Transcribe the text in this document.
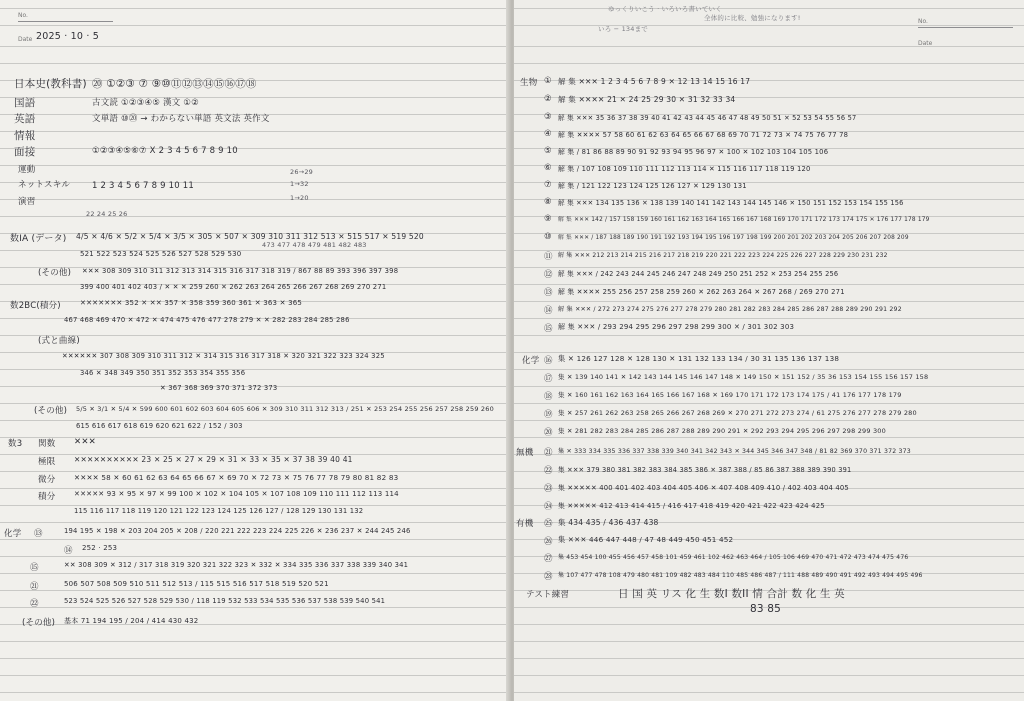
No.
Date 2025 · 10 · 5
日本史(教科書) ⑳ ①②③ ⑦ ⑨⑩⑪⑫⑬⑭⑮⑯⑰⑱
国語	古文読 ①②③④⑤ 漢文 ①②
英語	文単語 ⑩⑳ → わからない単語 英文法 英作文
情報
面接	①②③④⑤⑥⑦ X 2 3 4 5 6 7 8 9 10
運動	26→29
ネットスキル	1 2 3 4 5 6 7 8 9 10 11	1→32
演習	1→20
22 24 25 26
数IA (データ) 4/5 ✕ 4/6 ✕ 5/2 ✕ 5/4 ✕ 3/5 ✕ 305 ✕ 507 ✕ 309 310 311 312 513 ✕ 515 517 ✕ 519 520
521 522 523 524 525 526 527 528 529 530
473 477 478 479 481 482 483
(その他) ✕✕✕ 308 309 310 311 312 313 314 315 316 317 318 319 / 867 88 89 393 396 397 398
399 400 401 402 403 / ✕ ✕ ✕ 259 260 ✕ 262 263 264 265 266 267 268 269 270 271
数2BC(積分)	✕✕✕✕✕✕✕ 352 ✕ ✕✕ 357 ✕ 358 359 360 361 ✕ 363 ✕ 365
467 468 469 470 ✕ 472 ✕ 474 475 476 477 278 279 ✕ ✕ 282 283 284 285 286
(式と曲線)
✕✕✕✕✕✕ 307 308 309 310 311 312 ✕ 314 315 316 317 318 ✕ 320 321 322 323 324 325
346 ✕ 348 349 350 351 352 353 354 355 356
✕ 367 368 369 370 371 372 373
(その他) 5/5 ✕ 3/1 ✕ 5/4 ✕ 599 600 601 602 603 604 605 606 ✕ 309 310 311 312 313 / 251 ✕ 253 254 255 256 257 258 259 260
615 616 617 618 619 620 621 622 / 152 / 303
数3 関数 ✕✕✕
極限 ✕✕✕✕✕✕✕✕✕✕ 23 ✕ 25 ✕ 27 ✕ 29 ✕ 31 ✕ 33 ✕ 35 ✕ 37 38 39 40 41
微分	✕✕✕✕ 58 ✕ 60 61 62 63 64 65 66 67 ✕ 69 70 ✕ 72 73 ✕ 75 76 77 78 79 80 81 82 83
積分	✕✕✕✕✕ 93 ✕ 95 ✕ 97 ✕ 99 100 ✕ 102 ✕ 104 105 ✕ 107 108 109 110 111 112 113 114
115 116 117 118 119 120 121 122 123 124 125 126 127 / 128 129 130 131 132
化学 ⑬	194 195 ✕ 198 ✕ 203 204 205 ✕ 208 / 220 221 222 223 224 225 226 ✕ 236 237 ✕ 244 245 246
⑭ 252 · 253
⑮	✕✕ 308 309 ✕ 312 / 317 318 319 320 321 322 323 ✕ 332 ✕ 334 335 336 337 338 339 340 341
㉑	506 507 508 509 510 511 512 513 / 115 515 516 517 518 519 520 521
㉒	523 524 525 526 527 528 529 530 / 118 119 532 533 534 535 536 537 538 539 540 541
(その他) 基本 71 194 195 / 204 / 414 430 432
ゆっくりいこう · いろいろ書いていく
全体的に比較、勉強になります!
いろ − 134まで
No.
Date
生物 ① 解 集 ✕✕✕ 1 2 3 4 5 6 7 8 9 ✕ 12 13 14 15 16 17
② 解 集 ✕✕✕✕ 21 ✕ 24 25 29 30 ✕ 31 32 33 34
③ 解 集 ✕✕✕ 35 36 37 38 39 40 41 42 43 44 45 46 47 48 49 50 51 ✕ 52 53 54 55 56 57
④ 解 集 ✕✕✕✕ 57 58 60 61 62 63 64 65 66 67 68 69 70 71 72 73 ✕ 74 75 76 77 78
⑤ 解 集 / 81 86 88 89 90 91 92 93 94 95 96 97 ✕ 100 ✕ 102 103 104 105 106
⑥ 解 集 / 107 108 109 110 111 112 113 114 ✕ 115 116 117 118 119 120
⑦ 解 集 / 121 122 123 124 125 126 127 ✕ 129 130 131
⑧ 解 集 ✕✕✕ 134 135 136 ✕ 138 139 140 141 142 143 144 145 146 ✕ 150 151 152 153 154 155 156
⑨ 解 集 ✕✕✕ 142 / 157 158 159 160 161 162 163 164 165 166 167 168 169 170 171 172 173 174 175 ✕ 176 177 178 179
⑩ 解 集 ✕✕✕ / 187 188 189 190 191 192 193 194 195 196 197 198 199 200 201 202 203 204 205 206 207 208 209
⑪ 解 集 ✕✕✕ 212 213 214 215 216 217 218 219 220 221 222 223 224 225 226 227 228 229 230 231 232
⑫ 解 集 ✕✕✕ / 242 243 244 245 246 247 248 249 250 251 252 ✕ 253 254 255 256
⑬ 解 集 ✕✕✕✕ 255 256 257 258 259 260 ✕ 262 263 264 ✕ 267 268 / 269 270 271
⑭ 解 集 ✕✕✕ / 272 273 274 275 276 277 278 279 280 281 282 283 284 285 286 287 288 289 290 291 292
⑮ 解 集 ✕✕✕ / 293 294 295 296 297 298 299 300 ✕ / 301 302 303
化学 ⑯ 集 ✕ 126 127 128 ✕ 128 130 ✕ 131 132 133 134 / 30 31 135 136 137 138
⑰ 集 ✕ 139 140 141 ✕ 142 143 144 145 146 147 148 ✕ 149 150 ✕ 151 152 / 35 36 153 154 155 156 157 158
⑱ 集 ✕ 160 161 162 163 164 165 166 167 168 ✕ 169 170 171 172 173 174 175 / 41 176 177 178 179
⑲ 集 ✕ 257 261 262 263 258 265 266 267 268 269 ✕ 270 271 272 273 274 / 61 275 276 277 278 279 280
⑳ 集 ✕ 281 282 283 284 285 286 287 288 289 290 291 ✕ 292 293 294 295 296 297 298 299 300
無機 ㉑ 集 ✕ 333 334 335 336 337 338 339 340 341 342 343 ✕ 344 345 346 347 348 / 81 82 369 370 371 372 373
㉒ 集 ✕✕✕ 379 380 381 382 383 384 385 386 ✕ 387 388 / 85 86 387 388 389 390 391
㉓ 集 ✕✕✕✕✕ 400 401 402 403 404 405 406 ✕ 407 408 409 410 / 402 403 404 405
㉔ 集 ✕✕✕✕✕ 412 413 414 415 / 416 417 418 419 420 421 422 423 424 425
有機 ㉕ 集 434 435 / 436 437 438
㉖ 集 ✕✕✕ 446 447 448 / 47 48 449 450 451 452
㉗ 集 453 454 100 455 456 457 458 101 459 461 102 462 463 464 / 105 106 469 470 471 472 473 474 475 476
㉘ 集 107 477 478 108 479 480 481 109 482 483 484 110 485 486 487 / 111 488 489 490 491 492 493 494 495 496
テスト練習	日 国 英 リス 化 生 数I 数II 情 合計 数 化 生 英
83 85
